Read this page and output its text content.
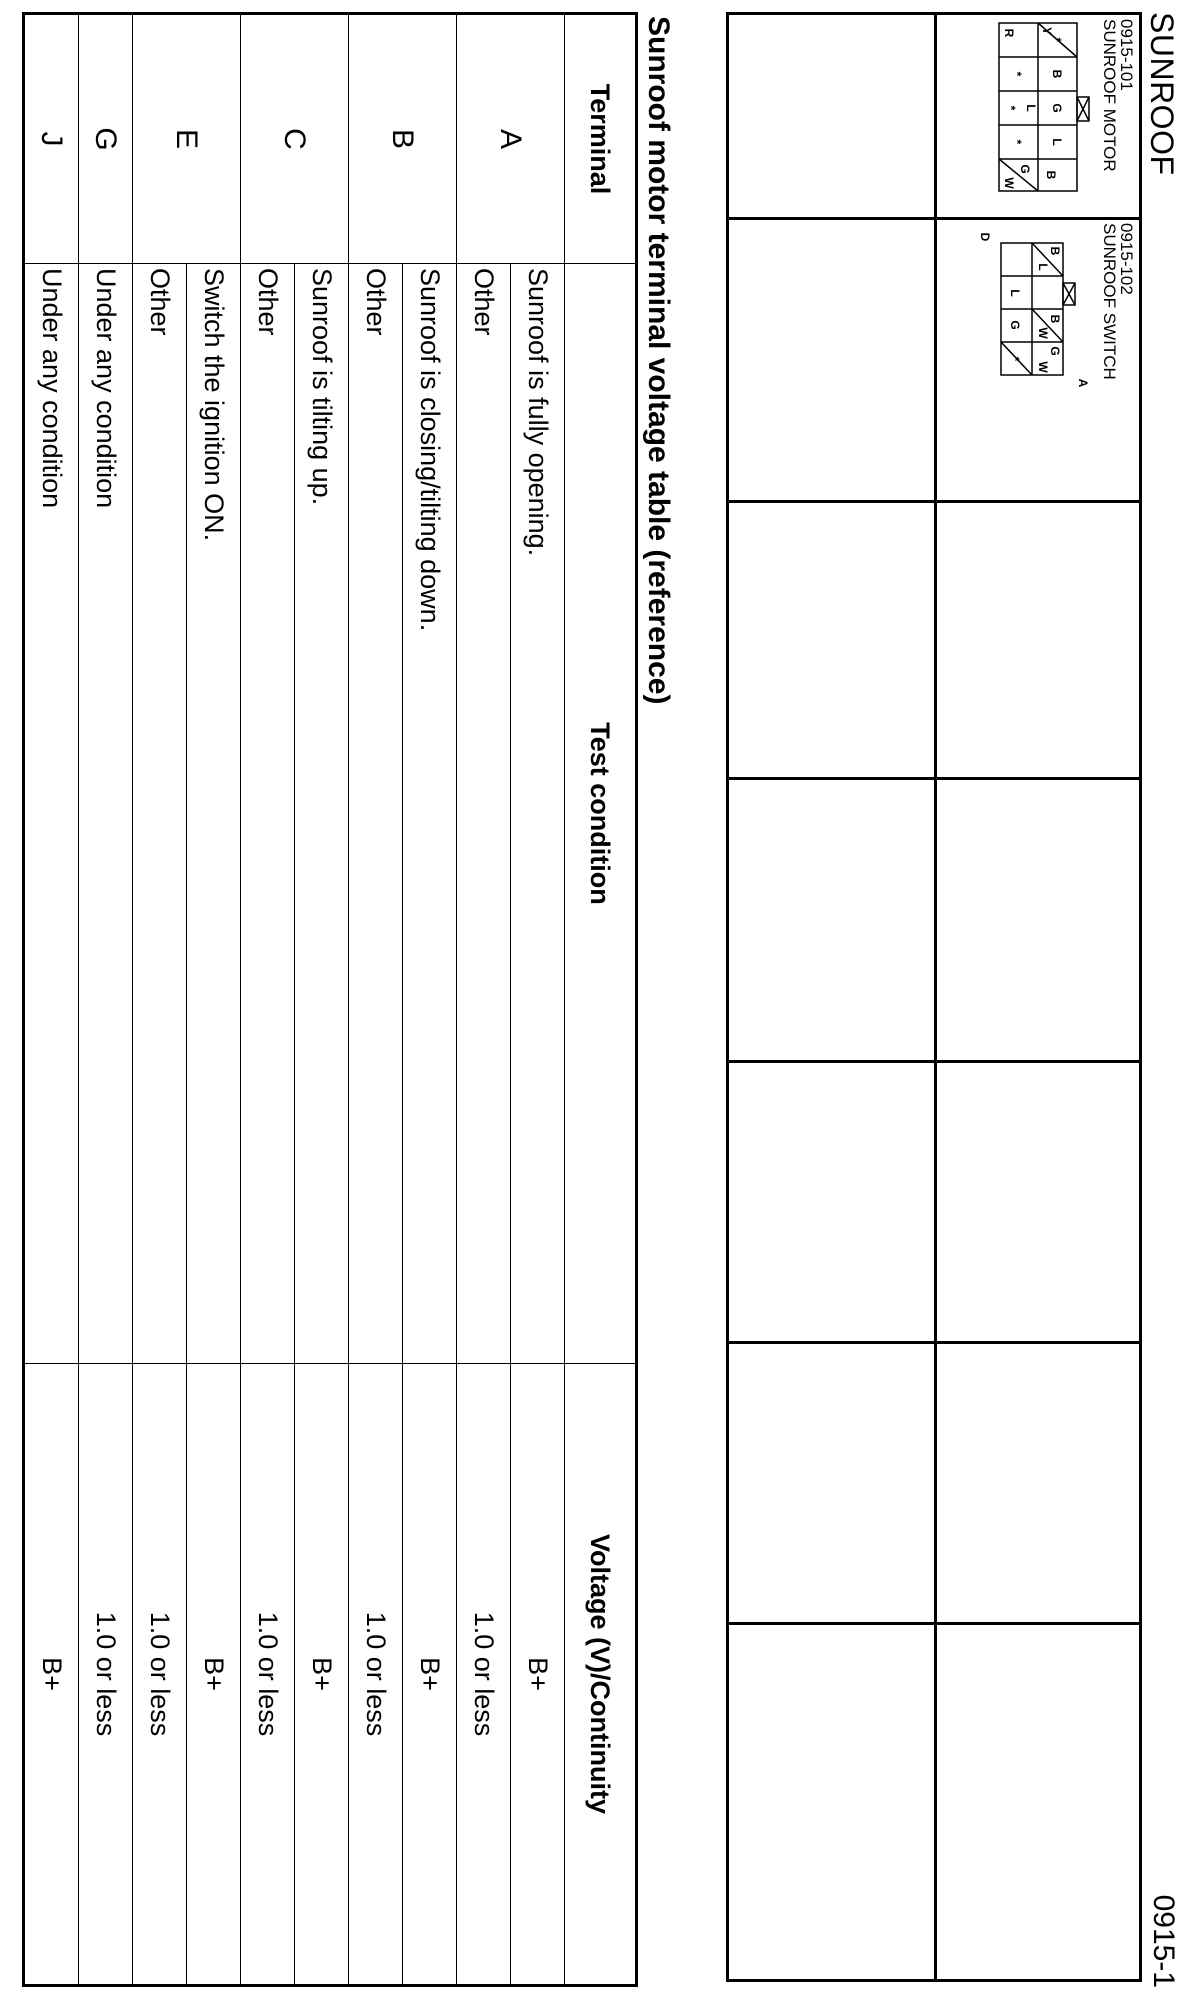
SUNROOF
0915-1
0915-101
SUNROOF MOTOR
*
B
G
L
Y
R
*
L
*
B
*
G
W
0915-102
SUNROOF SWITCH
B
L
G
G
W
L
B
W
*
A
D
Sunroof motor terminal voltage table (reference)
Terminal	Test condition	Voltage (V)/Continuity
A	Sunroof is fully opening.	B+
	Other	1.0 or less
B	Sunroof is closing/tilting down.	B+
	Other	1.0 or less
C	Sunroof is tilting up.	B+
	Other	1.0 or less
E	Switch the ignition ON.	B+
	Other	1.0 or less
G	Under any condition	1.0 or less
J	Under any condition	B+
